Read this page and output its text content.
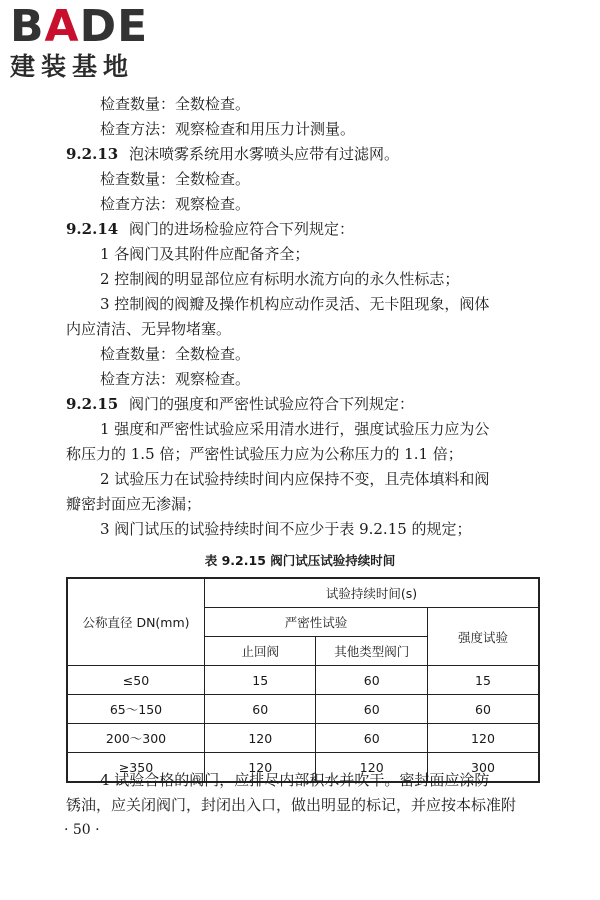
BADE
建装基地
检查数量：全数检查。
检查方法：观察检查和用压力计测量。
9.2.13 泡沫喷雾系统用水雾喷头应带有过滤网。
检查数量：全数检查。
检查方法：观察检查。
9.2.14 阀门的进场检验应符合下列规定：
1 各阀门及其附件应配备齐全；
2 控制阀的明显部位应有标明水流方向的永久性标志；
3 控制阀的阀瓣及操作机构应动作灵活、无卡阻现象，阀体
内应清洁、无异物堵塞。
检查数量：全数检查。
检查方法：观察检查。
9.2.15 阀门的强度和严密性试验应符合下列规定：
1 强度和严密性试验应采用清水进行，强度试验压力应为公
称压力的 1.5 倍；严密性试验压力应为公称压力的 1.1 倍；
2 试验压力在试验持续时间内应保持不变，且壳体填料和阀
瓣密封面应无渗漏；
3 阀门试压的试验持续时间不应少于表 9.2.15 的规定；
表 9.2.15 阀门试压试验持续时间
公称直径 DN(mm)	试验持续时间(s)		
	严密性试验		强度试验
	止回阀	其他类型阀门	
≤50	15	60	15
65～150	60	60	60
200～300	120	60	120
≥350	120	120	300
4 试验合格的阀门，应排尽内部积水并吹干。密封面应涂防
锈油，应关闭阀门，封闭出入口，做出明显的标记，并应按本标准附
· 50 ·
